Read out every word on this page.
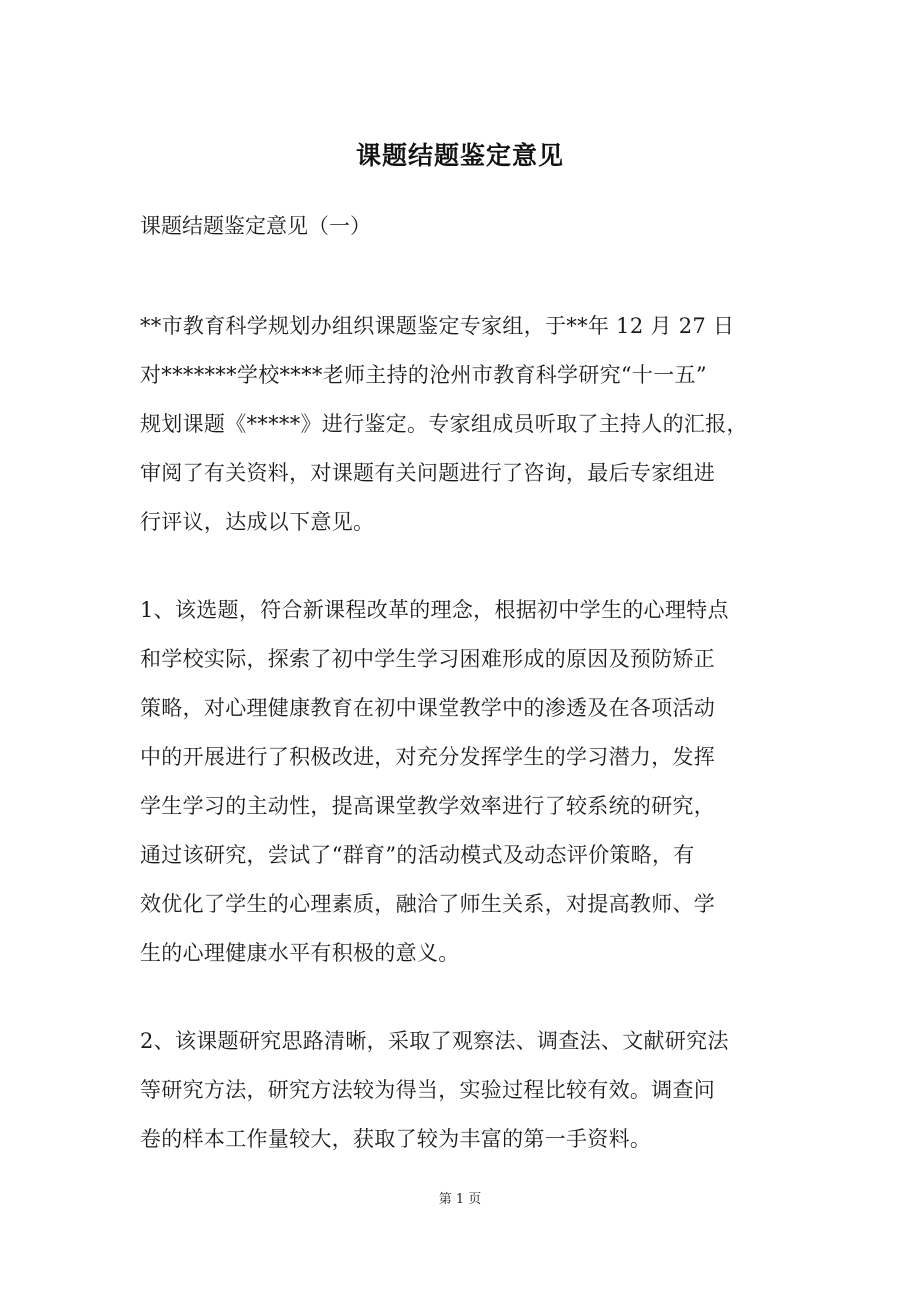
课题结题鉴定意见
课题结题鉴定意见（一）
**市教育科学规划办组织课题鉴定专家组，于**年 12 月 27 日
对*******学校****老师主持的沧州市教育科学研究“十一五”
规划课题《*****》进行鉴定。专家组成员听取了主持人的汇报，
审阅了有关资料，对课题有关问题进行了咨询，最后专家组进
行评议，达成以下意见。
1、该选题，符合新课程改革的理念，根据初中学生的心理特点
和学校实际，探索了初中学生学习困难形成的原因及预防矫正
策略，对心理健康教育在初中课堂教学中的渗透及在各项活动
中的开展进行了积极改进，对充分发挥学生的学习潜力，发挥
学生学习的主动性，提高课堂教学效率进行了较系统的研究，
通过该研究，尝试了“群育”的活动模式及动态评价策略，有
效优化了学生的心理素质，融洽了师生关系，对提高教师、学
生的心理健康水平有积极的意义。
2、该课题研究思路清晰，采取了观察法、调查法、文献研究法
等研究方法，研究方法较为得当，实验过程比较有效。调查问
卷的样本工作量较大，获取了较为丰富的第一手资料。
第 1 页
